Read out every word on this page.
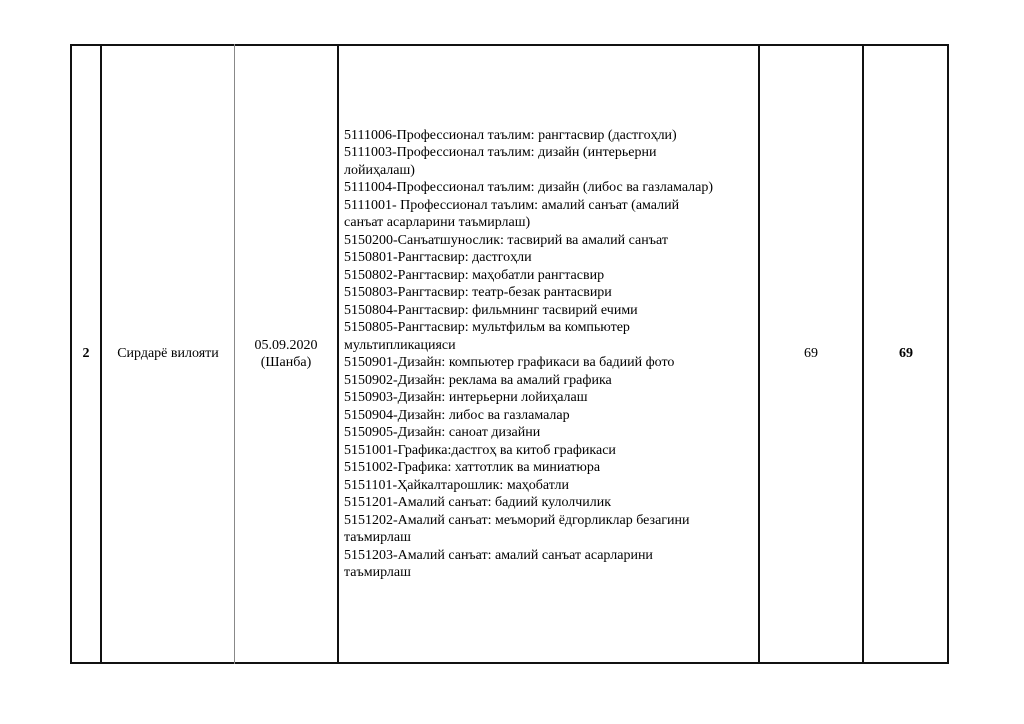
2 Сирдарё вилояти
05.09.2020
(Шанба)
5111006-Профессионал таълим: рангтасвир (дастгоҳли)
5111003-Профессионал таълим: дизайн (интерьерни
лойиҳалаш)
5111004-Профессионал таълим: дизайн (либос ва газламалар)
5111001- Профессионал таълим: амалий санъат (амалий
санъат асарларини таъмирлаш)
5150200-Санъатшунослик: тасвирий ва амалий санъат
5150801-Рангтасвир: дастгоҳли
5150802-Рангтасвир: маҳобатли рангтасвир
5150803-Рангтасвир: театр-безак рантасвири
5150804-Рангтасвир: фильмнинг тасвирий ечими
5150805-Рангтасвир: мультфильм ва компьютер
мультипликацияси
5150901-Дизайн: компьютер графикаси ва бадиий фото
5150902-Дизайн: реклама ва амалий графика
5150903-Дизайн: интерьерни лойиҳалаш
5150904-Дизайн: либос ва газламалар
5150905-Дизайн: саноат дизайни
5151001-Графика:дастгоҳ ва китоб графикаси
5151002-Графика: хаттотлик ва миниатюра
5151101-Ҳайкалтарошлик: маҳобатли
5151201-Амалий санъат: бадиий кулолчилик
5151202-Амалий санъат: меъморий ёдгорликлар безагини
таъмирлаш
5151203-Амалий санъат: амалий санъат асарларини
таъмирлаш
69	69
